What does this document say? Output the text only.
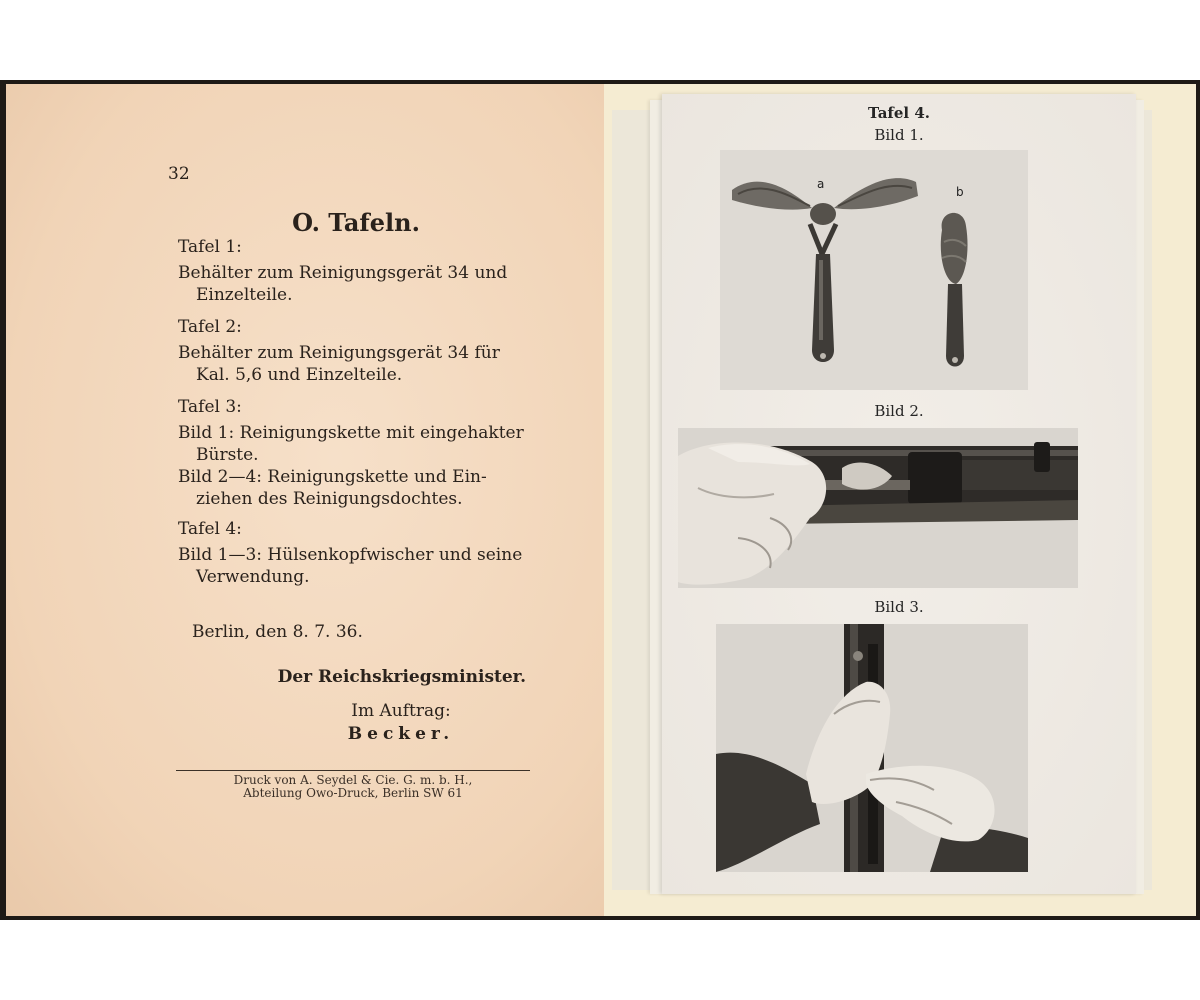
32
O. Tafeln.
Tafel 1:
Behälter zum Reinigungsgerät 34 und
Einzelteile.
Tafel 2:
Behälter zum Reinigungsgerät 34 für
Kal. 5,6 und Einzelteile.
Tafel 3:
Bild 1: Reinigungskette mit eingehakter
Bürste.
Bild 2—4: Reinigungskette und Ein-
ziehen des Reinigungsdochtes.
Tafel 4:
Bild 1—3: Hülsenkopfwischer und seine
Verwendung.
Berlin, den 8. 7. 36.
Der Reichskriegsminister.
Im Auftrag:
Becker.
Druck von A. Seydel & Cie. G. m. b. H.,
Abteilung Owo-Druck, Berlin SW 61
Tafel 4.
Bild 1.
a
b
Bild 2.
Bild 3.
